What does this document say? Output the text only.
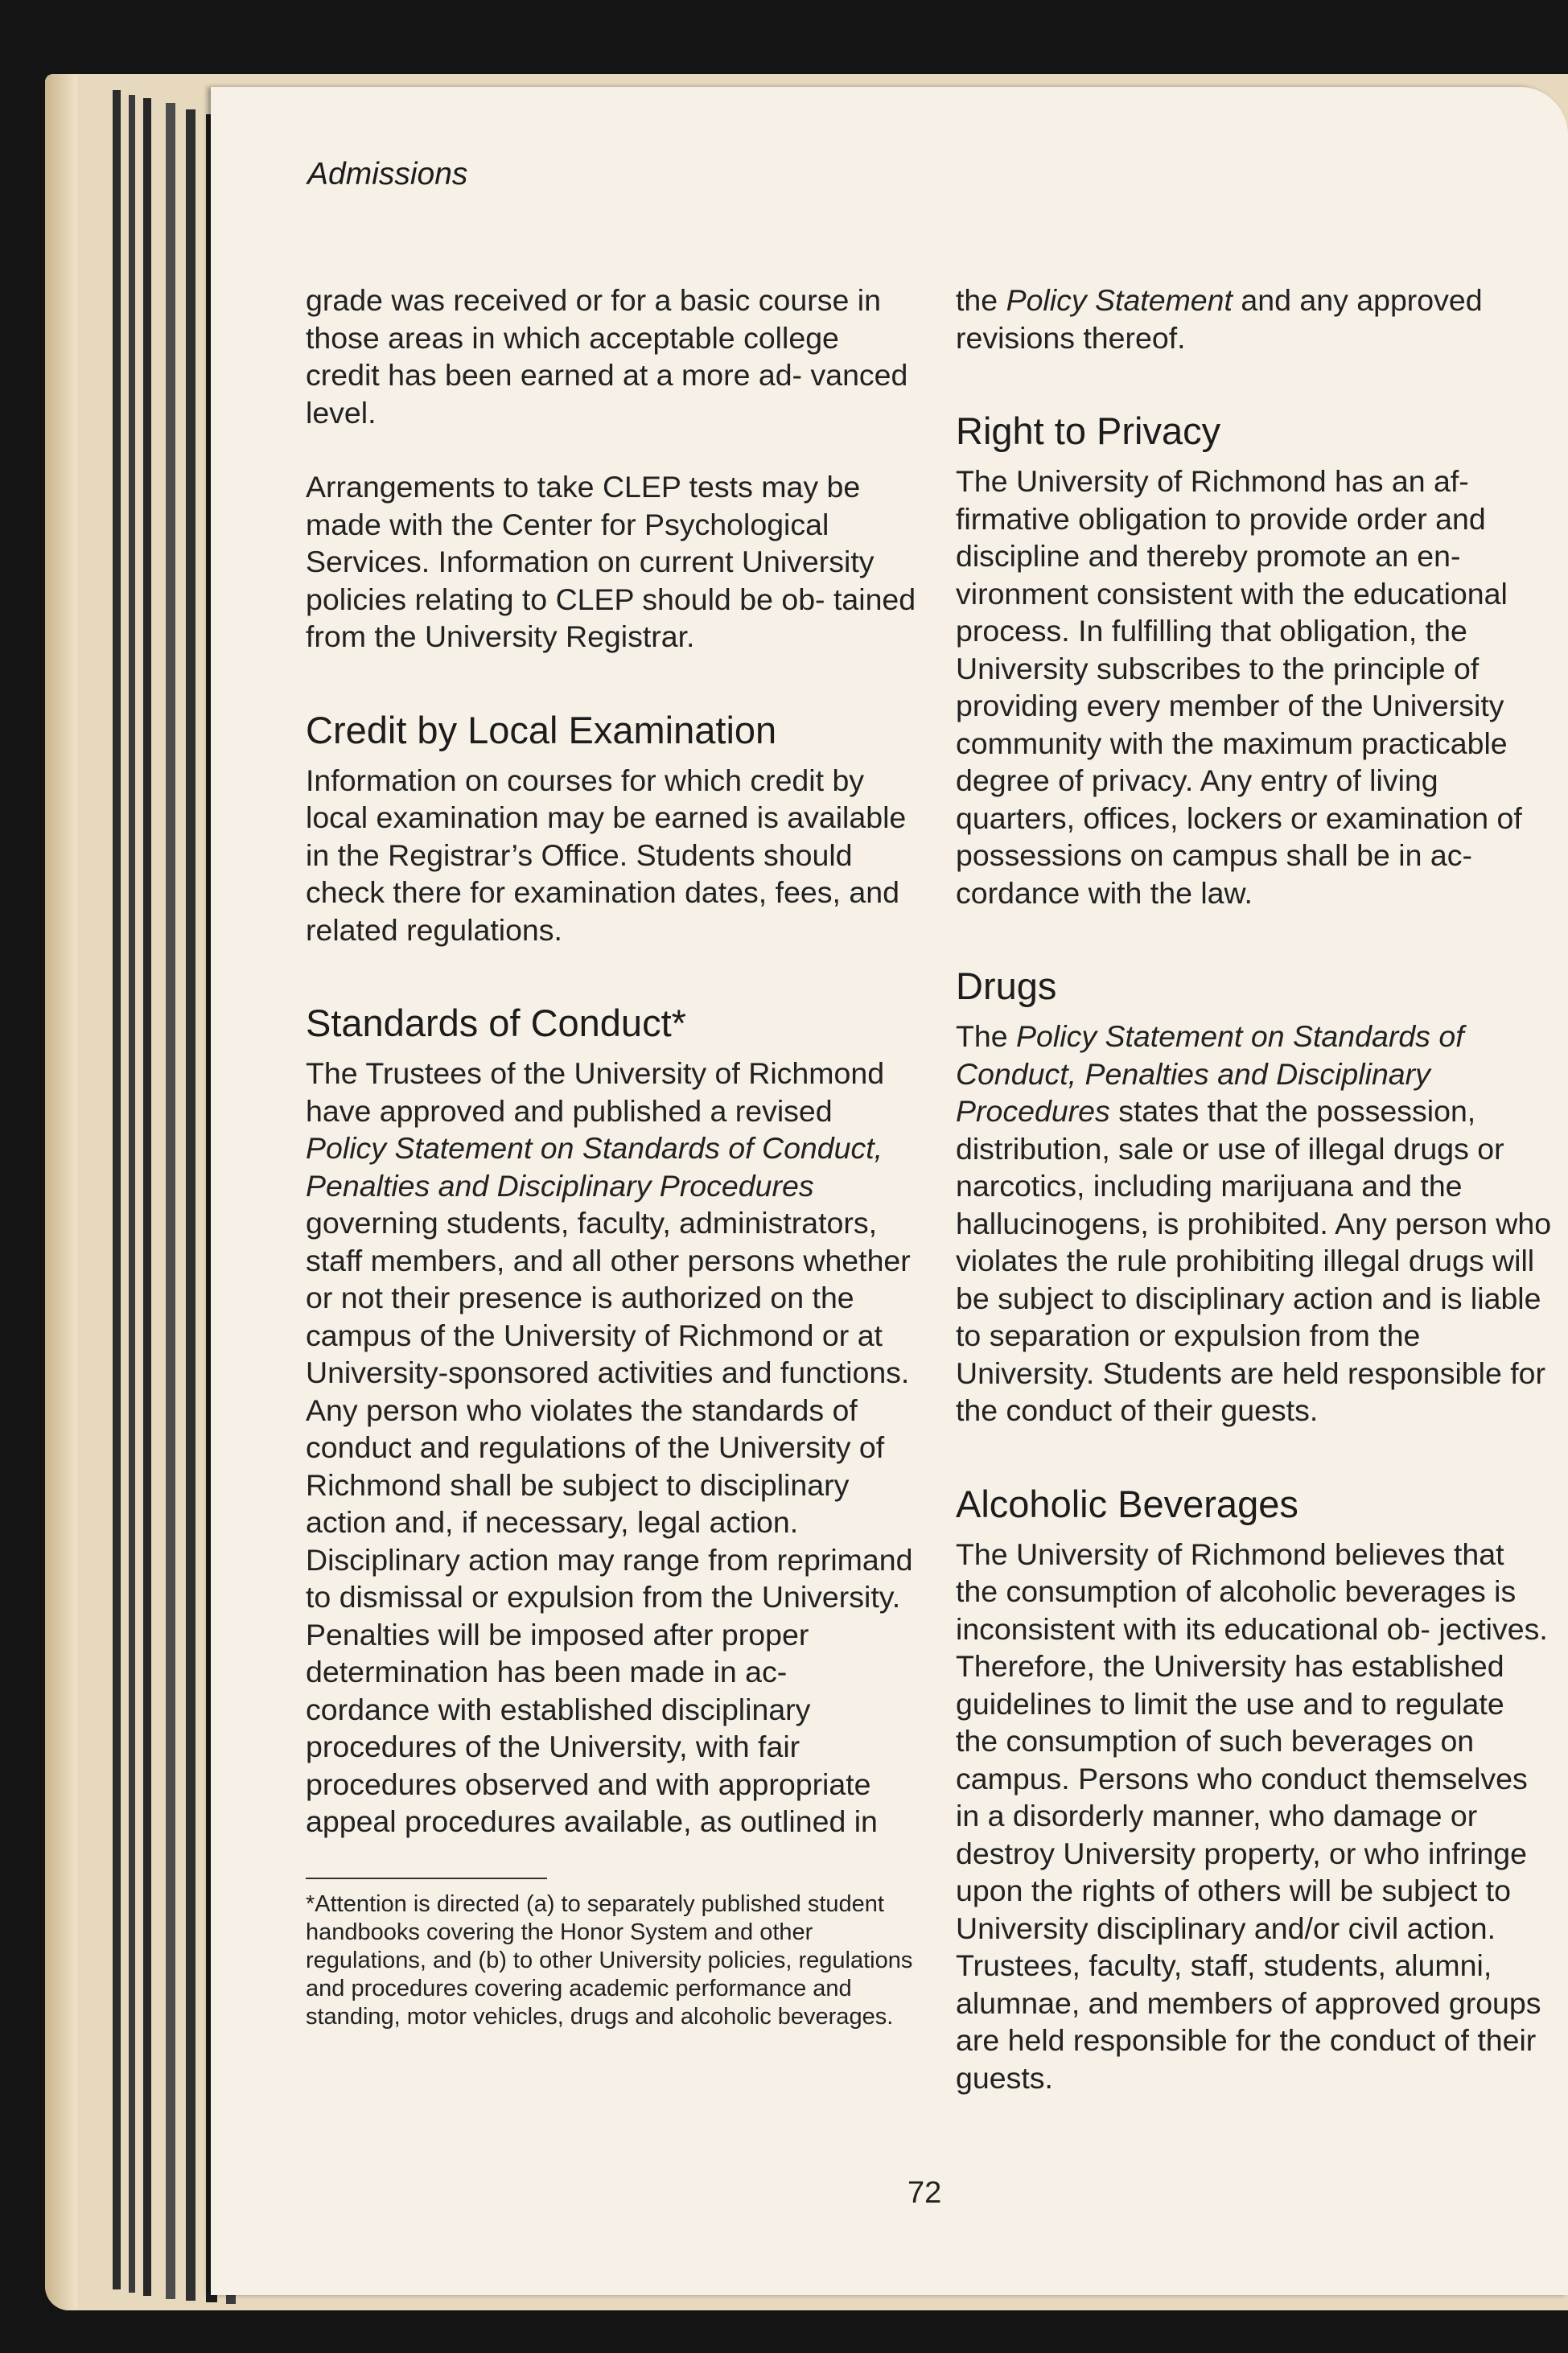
Admissions

grade was received or for a basic course in those areas in which acceptable college credit has been earned at a more ad- vanced level.

Arrangements to take CLEP tests may be made with the Center for Psychological Services. Information on current University policies relating to CLEP should be ob- tained from the University Registrar.

Credit by Local Examination

Information on courses for which credit by local examination may be earned is available in the Registrar’s Office. Students should check there for examination dates, fees, and related regulations.

Standards of Conduct*

The Trustees of the University of Richmond have approved and published a revised Policy Statement on Standards of Conduct, Penalties and Disciplinary Procedures governing students, faculty, administrators, staff members, and all other persons whether or not their presence is authorized on the campus of the University of Richmond or at University-sponsored activities and functions. Any person who violates the standards of conduct and regulations of the University of Richmond shall be subject to disciplinary action and, if necessary, legal action. Disciplinary action may range from reprimand to dismissal or expulsion from the University. Penalties will be imposed after proper determination has been made in ac- cordance with established disciplinary procedures of the University, with fair procedures observed and with appropriate appeal procedures available, as outlined in

*Attention is directed (a) to separately published student handbooks covering the Honor System and other regulations, and (b) to other University policies, regulations and procedures covering academic performance and standing, motor vehicles, drugs and alcoholic beverages.

the Policy Statement and any approved revisions thereof.

Right to Privacy

The University of Richmond has an af- firmative obligation to provide order and discipline and thereby promote an en- vironment consistent with the educational process. In fulfilling that obligation, the University subscribes to the principle of providing every member of the University community with the maximum practicable degree of privacy. Any entry of living quarters, offices, lockers or examination of possessions on campus shall be in ac- cordance with the law.

Drugs

The Policy Statement on Standards of Conduct, Penalties and Disciplinary Procedures states that the possession, distribution, sale or use of illegal drugs or narcotics, including marijuana and the hallucinogens, is prohibited. Any person who violates the rule prohibiting illegal drugs will be subject to disciplinary action and is liable to separation or expulsion from the University. Students are held responsible for the conduct of their guests.

Alcoholic Beverages

The University of Richmond believes that the consumption of alcoholic beverages is inconsistent with its educational ob- jectives. Therefore, the University has established guidelines to limit the use and to regulate the consumption of such beverages on campus. Persons who conduct themselves in a disorderly manner, who damage or destroy University property, or who infringe upon the rights of others will be subject to University disciplinary and/or civil action. Trustees, faculty, staff, students, alumni, alumnae, and members of approved groups are held responsible for the conduct of their guests.

72
